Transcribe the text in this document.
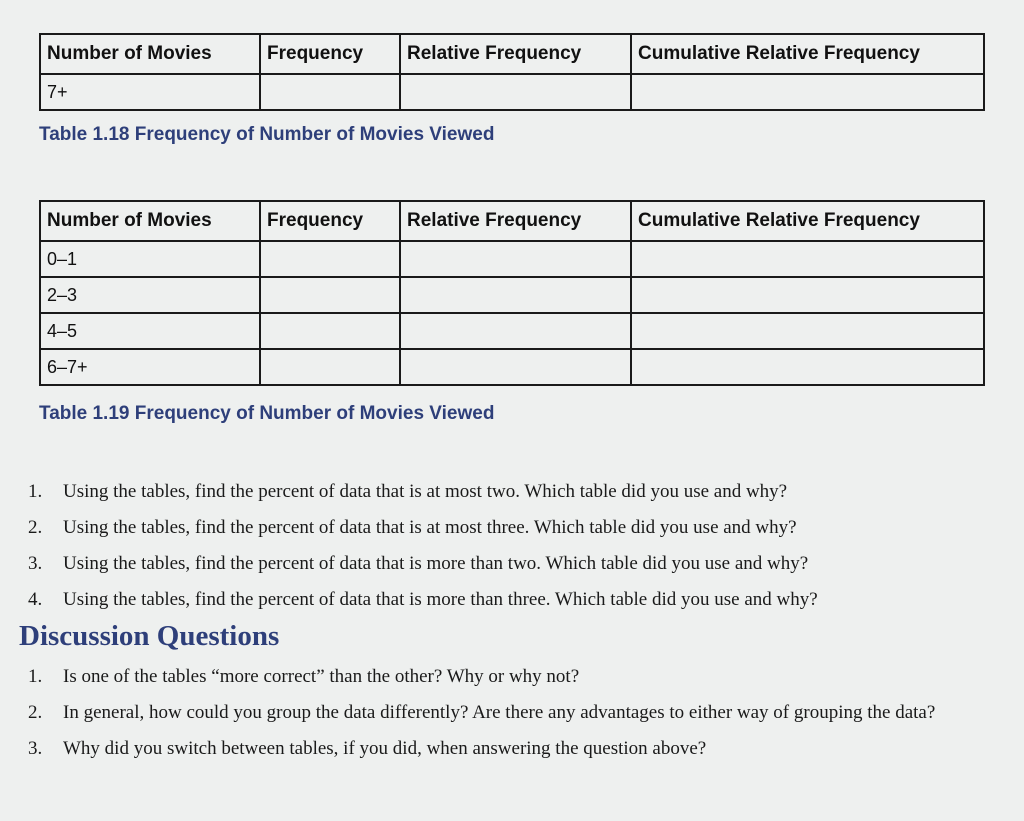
Number of Movies	Frequency	Relative Frequency	Cumulative Relative Frequency
7+			
Table 1.18 Frequency of Number of Movies Viewed
Number of Movies	Frequency	Relative Frequency	Cumulative Relative Frequency
0–1			
2–3			
4–5			
6–7+			
Table 1.19 Frequency of Number of Movies Viewed
1.	Using the tables, find the percent of data that is at most two. Which table did you use and why?
2.	Using the tables, find the percent of data that is at most three. Which table did you use and why?
3.	Using the tables, find the percent of data that is more than two. Which table did you use and why?
4.	Using the tables, find the percent of data that is more than three. Which table did you use and why?
Discussion Questions
1.	Is one of the tables “more correct” than the other? Why or why not?
2.	In general, how could you group the data differently? Are there any advantages to either way of grouping the data?
3.	Why did you switch between tables, if you did, when answering the question above?
